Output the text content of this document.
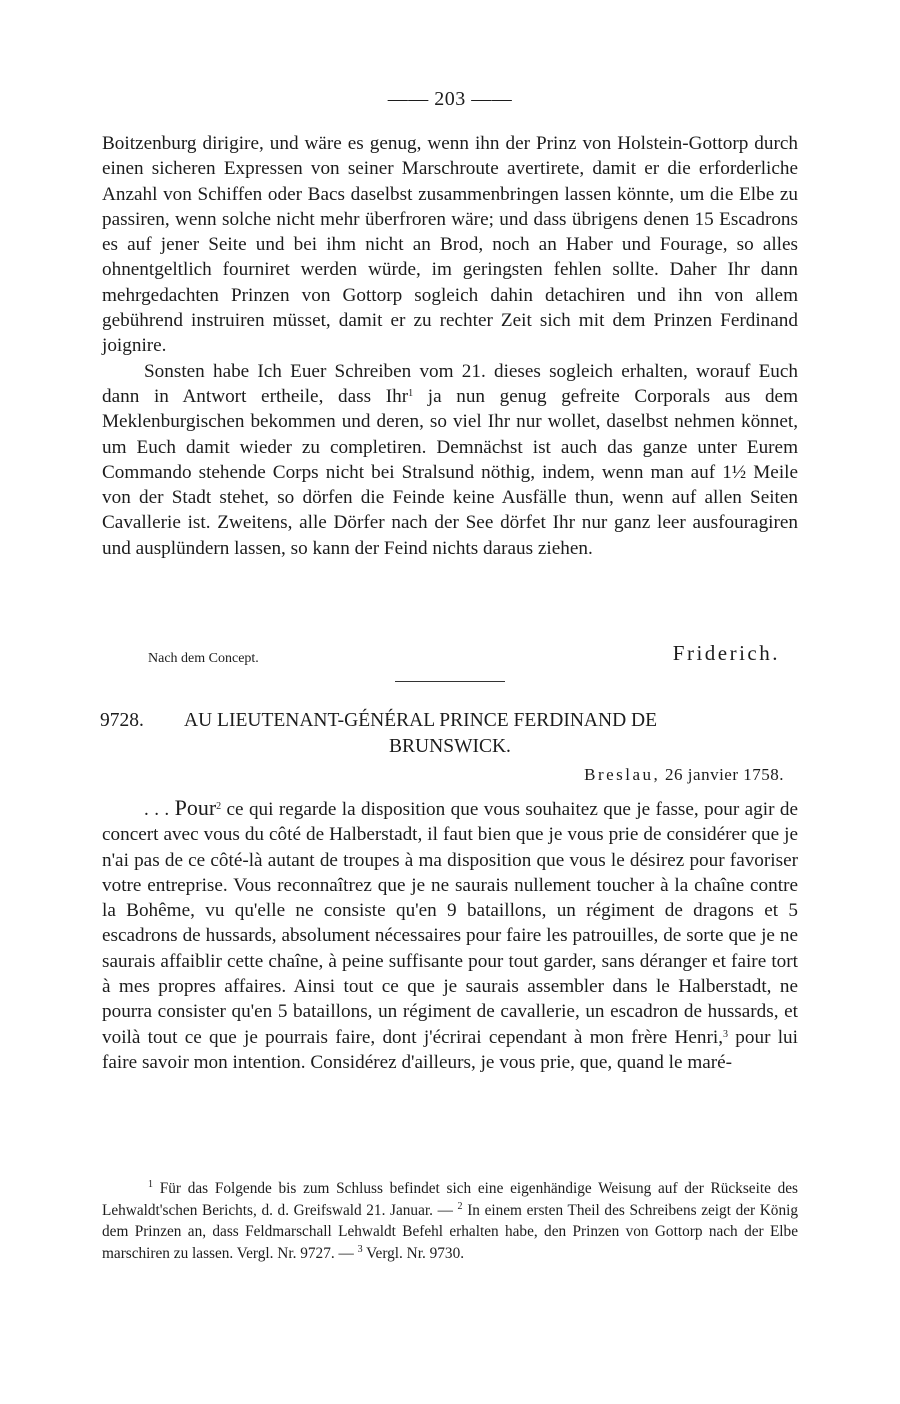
—— 203 ——

Boitzenburg dirigire, und wäre es genug, wenn ihn der Prinz von Holstein-Gottorp durch einen sicheren Expressen von seiner Marschroute avertirete, damit er die erforderliche Anzahl von Schiffen oder Bacs daselbst zusammenbringen lassen könnte, um die Elbe zu passiren, wenn solche nicht mehr überfroren wäre; und dass übrigens denen 15 Escadrons es auf jener Seite und bei ihm nicht an Brod, noch an Haber und Fourage, so alles ohnentgeltlich fourniret werden würde, im geringsten fehlen sollte. Daher Ihr dann mehrgedachten Prinzen von Gottorp sogleich dahin detachiren und ihn von allem gebührend instruiren müsset, damit er zu rechter Zeit sich mit dem Prinzen Ferdinand joignire.

Sonsten habe Ich Euer Schreiben vom 21. dieses sogleich erhalten, worauf Euch dann in Antwort ertheile, dass Ihr$^1$ ja nun genug gefreite Corporals aus dem Meklenburgischen bekommen und deren, so viel Ihr nur wollet, daselbst nehmen könnet, um Euch damit wieder zu completiren. Demnächst ist auch das ganze unter Eurem Commando stehende Corps nicht bei Stralsund nöthig, indem, wenn man auf 1½ Meile von der Stadt stehet, so dörfen die Feinde keine Ausfälle thun, wenn auf allen Seiten Cavallerie ist. Zweitens, alle Dörfer nach der See dörfet Ihr nur ganz leer ausfouragiren und ausplündern lassen, so kann der Feind nichts daraus ziehen.

Nach dem Concept.	Friderich.
9728.	AU LIEUTENANT-GÉNÉRAL PRINCE FERDINAND DE
BRUNSWICK.
Breslau, 26 janvier 1758.

. . . Pour$^2$ ce qui regarde la disposition que vous souhaitez que je fasse, pour agir de concert avec vous du côté de Halberstadt, il faut bien que je vous prie de considérer que je n'ai pas de ce côté-là autant de troupes à ma disposition que vous le désirez pour favoriser votre entreprise. Vous reconnaîtrez que je ne saurais nullement toucher à la chaîne contre la Bohême, vu qu'elle ne consiste qu'en 9 bataillons, un régiment de dragons et 5 escadrons de hussards, absolument nécessaires pour faire les patrouilles, de sorte que je ne saurais affaiblir cette chaîne, à peine suffisante pour tout garder, sans déranger et faire tort à mes propres affaires. Ainsi tout ce que je saurais assembler dans le Halberstadt, ne pourra consister qu'en 5 bataillons, un régiment de cavallerie, un escadron de hussards, et voilà tout ce que je pourrais faire, dont j'écrirai cependant à mon frère Henri,$^3$ pour lui faire savoir mon intention. Considérez d'ailleurs, je vous prie, que, quand le maré-

$^1$ Für das Folgende bis zum Schluss befindet sich eine eigenhändige Weisung auf der Rückseite des Lehwaldt'schen Berichts, d. d. Greifswald 21. Januar. — $^2$ In einem ersten Theil des Schreibens zeigt der König dem Prinzen an, dass Feldmarschall Lehwaldt Befehl erhalten habe, den Prinzen von Gottorp nach der Elbe marschiren zu lassen. Vergl. Nr. 9727. — $^3$ Vergl. Nr. 9730.
